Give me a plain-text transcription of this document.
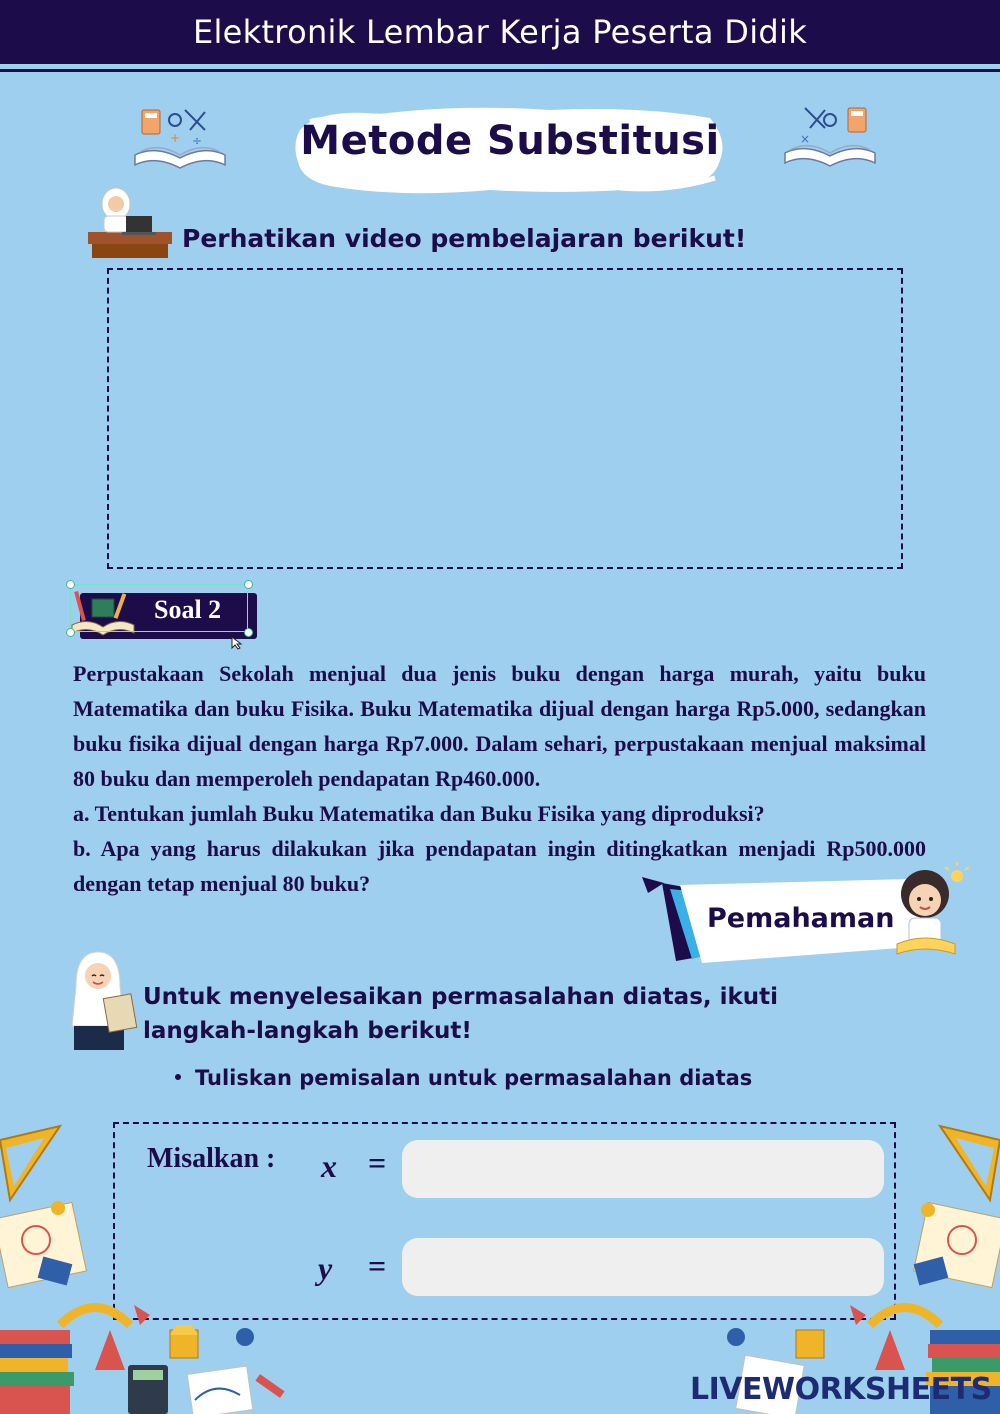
Elektronik Lembar Kerja Peserta Didik
÷
+	×
Metode Substitusi
Perhatikan video pembelajaran berikut!
Soal 2

Perpustakaan Sekolah menjual dua jenis buku dengan harga murah, yaitu buku Matematika dan buku Fisika. Buku Matematika dijual dengan harga Rp5.000, sedangkan buku fisika dijual dengan harga Rp7.000. Dalam sehari, perpustakaan menjual maksimal 80 buku dan memperoleh pendapatan Rp460.000.

a. Tentukan jumlah Buku Matematika dan Buku Fisika yang diproduksi?

b. Apa yang harus dilakukan jika pendapatan ingin ditingkatkan menjadi Rp500.000 dengan tetap menjual 80 buku?

Pemahaman
Untuk menyelesaikan permasalahan diatas, ikuti langkah-langkah berikut!
Tuliskan pemisalan untuk permasalahan diatas
Misalkan : x =
y =
LIVEWORKSHEETS
